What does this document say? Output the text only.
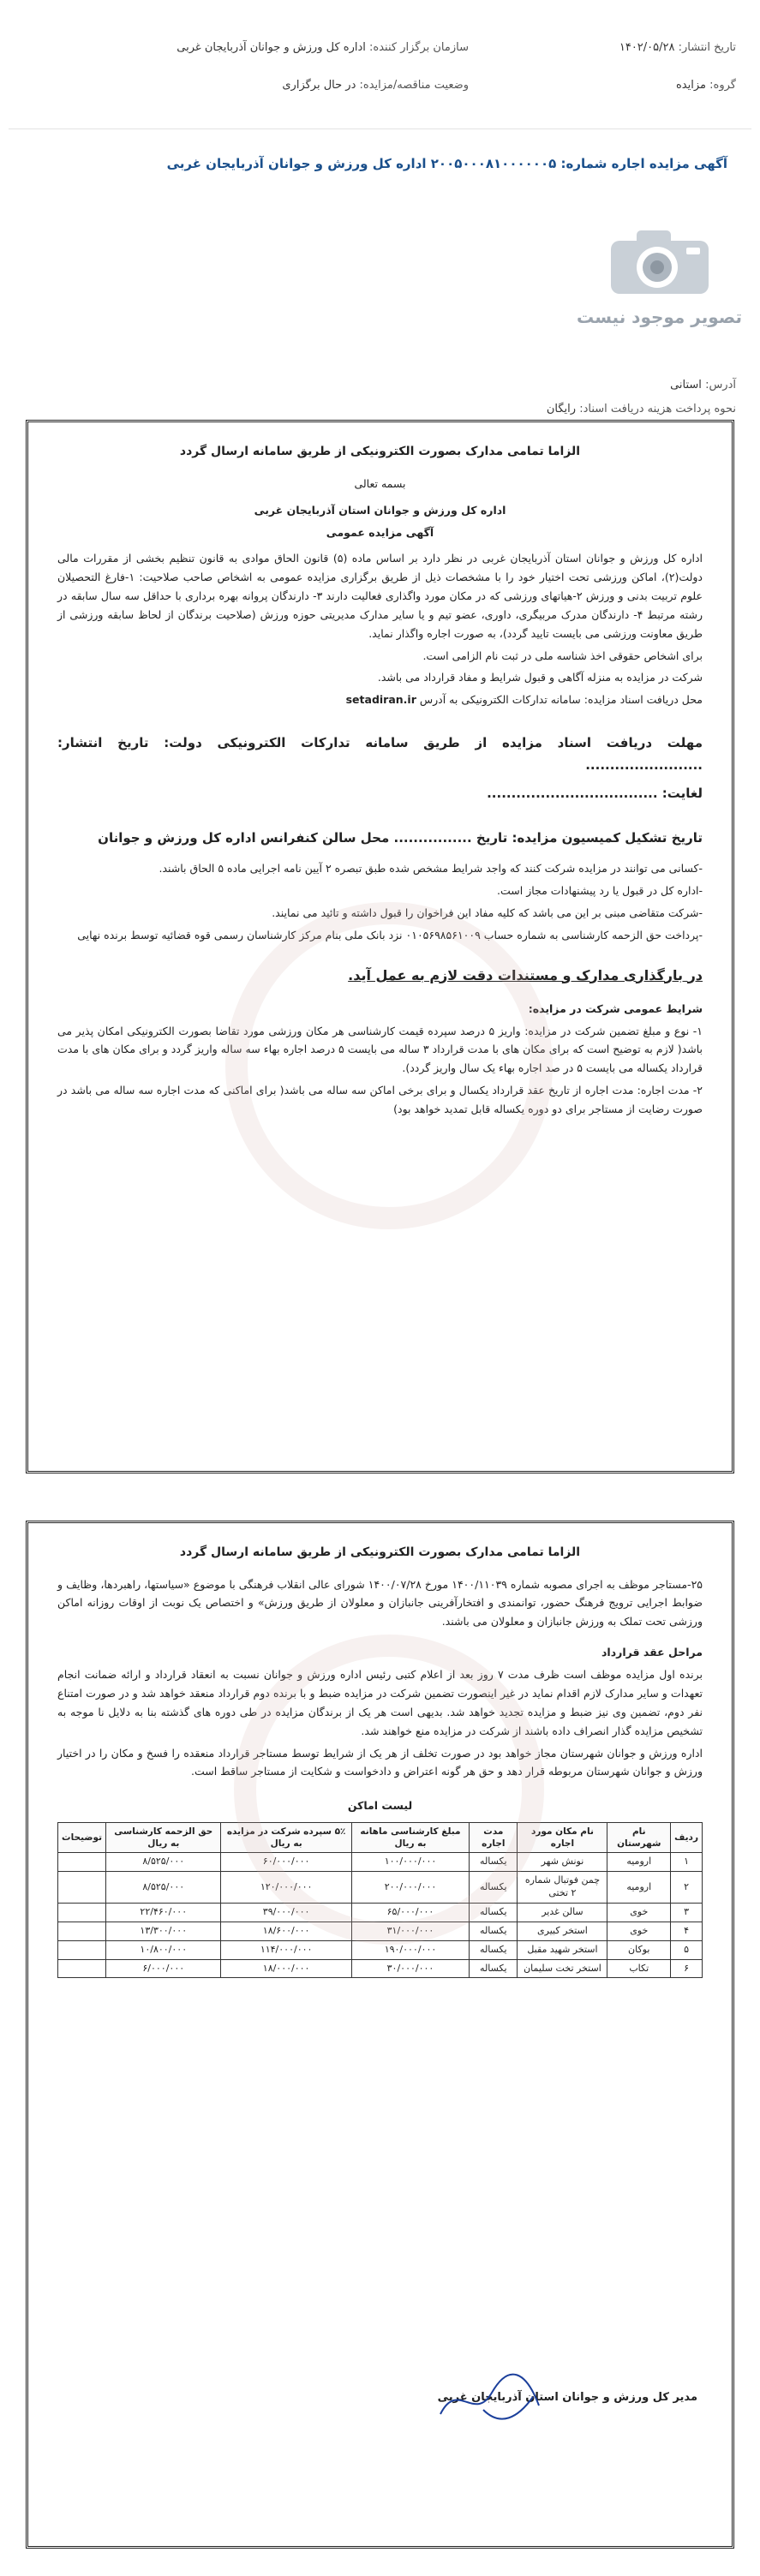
تاریخ انتشار: ۱۴۰۲/۰۵/۲۸
سازمان برگزار کننده: اداره کل ورزش و جوانان آذربایجان غربی
گروه: مزایده
وضعیت مناقصه/مزایده: در حال برگزاری
آگهی مزایده اجاره شماره: ۲۰۰۵۰۰۰۸۱۰۰۰۰۰۰۵ اداره کل ورزش و جوانان آذربایجان غربی
تصویر موجود نیست
آدرس: استانی
نحوه پرداخت هزینه دریافت اسناد: رایگان
الزاما تمامی مدارک بصورت الکترونیکی از طریق سامانه ارسال گردد

بسمه تعالی

اداره کل ورزش و جوانان استان آذربایجان غربی

آگهی مزایده عمومی

اداره کل ورزش و جوانان استان آذربایجان غربی در نظر دارد بر اساس ماده (۵) قانون الحاق موادی به قانون تنظیم بخشی از مقررات مالی دولت(۲)، اماکن ورزشی تحت اختیار خود را با مشخصات ذیل از طریق برگزاری مزایده عمومی به اشخاص صاحب صلاحیت: ۱-فارغ التحصیلان علوم تربیت بدنی و ورزش ۲-هیاتهای ورزشی که در مکان مورد واگذاری فعالیت دارند ۳- دارندگان پروانه بهره برداری با حداقل سه سال سابقه در رشته مرتبط ۴- دارندگان مدرک مربیگری، داوری، عضو تیم و یا سایر مدارک مدیریتی حوزه ورزش (صلاحیت برندگان از لحاظ سابقه ورزشی از طریق معاونت ورزشی می بایست تایید گردد)، به صورت اجاره واگذار نماید.

برای اشخاص حقوقی اخذ شناسه ملی در ثبت نام الزامی است.

شرکت در مزایده به منزله آگاهی و قبول شرایط و مفاد قرارداد می باشد.

محل دریافت اسناد مزایده: سامانه تدارکات الکترونیکی به آدرس setadiran.ir

مهلت دریافت اسناد مزایده از طریق سامانه تدارکات الکترونیکی دولت: تاریخ انتشار: ........................
لغایت: ...................................
تاریخ تشکیل کمیسیون مزایده: تاریخ ................ محل سالن کنفرانس اداره کل ورزش و جوانان

-کسانی می توانند در مزایده شرکت کنند که واجد شرایط مشخص شده طبق تبصره ۲ آیین نامه اجرایی ماده ۵ الحاق باشند.

-اداره کل در قبول یا رد پیشنهادات مجاز است.

-شرکت متقاضی مبنی بر این می باشد که کلیه مفاد این فراخوان را قبول داشته و تائید می نمایند.

-پرداخت حق الزحمه کارشناسی به شماره حساب ۰۱۰۵۶۹۸۵۶۱۰۰۹ نزد بانک ملی بنام مرکز کارشناسان رسمی قوه قضائیه توسط برنده نهایی

در بارگذاری مدارک و مستندات دقت لازم به عمل آید.

شرایط عمومی شرکت در مزایده:

۱- نوع و مبلغ تضمین شرکت در مزایده: واریز ۵ درصد سپرده قیمت کارشناسی هر مکان ورزشی مورد تقاضا بصورت الکترونیکی امکان پذیر می باشد( لازم به توضیح است که برای مکان های با مدت قرارداد ۳ ساله می بایست ۵ درصد اجاره بهاء سه ساله واریز گردد و برای مکان های با مدت قرارداد یکساله می بایست ۵ در صد اجاره بهاء یک سال واریز گردد).

۲- مدت اجاره: مدت اجاره از تاریخ عقد قرارداد یکسال و برای برخی اماکن سه ساله می باشد( برای اماکنی که مدت اجاره سه ساله می باشد در صورت رضایت از مستاجر برای دو دوره یکساله قابل تمدید خواهد بود)

الزاما تمامی مدارک بصورت الکترونیکی از طریق سامانه ارسال گردد

۲۵-مستاجر موظف به اجرای مصوبه شماره ۱۴۰۰/۱۱۰۳۹ مورخ ۱۴۰۰/۰۷/۲۸ شورای عالی انقلاب فرهنگی با موضوع «سیاستها، راهبردها، وظایف و ضوابط اجرایی ترویج فرهنگ حضور، توانمندی و افتخارآفرینی جانبازان و معلولان از طریق ورزش» و اختصاص یک نوبت از اوقات روزانه اماکن ورزشی تحت تملک به ورزش جانبازان و معلولان می باشند.

مراحل عقد قرارداد

برنده اول مزایده موظف است ظرف مدت ۷ روز بعد از اعلام کتبی رئیس اداره ورزش و جوانان نسبت به انعقاد قرارداد و ارائه ضمانت انجام تعهدات و سایر مدارک لازم اقدام نماید در غیر اینصورت تضمین شرکت در مزایده ضبط و با برنده دوم قرارداد منعقد خواهد شد و در صورت امتناع نفر دوم، تضمین وی نیز ضبط و مزایده تجدید خواهد شد. بدیهی است هر یک از برندگان مزایده در طی دوره های گذشته بنا به دلایل نا موجه به تشخیص مزایده گذار انصراف داده باشند از شرکت در مزایده منع خواهند شد.

اداره ورزش و جوانان شهرستان مجاز خواهد بود در صورت تخلف از هر یک از شرایط توسط مستاجر قرارداد منعقده را فسخ و مکان را در اختیار ورزش و جوانان شهرستان مربوطه قرار دهد و حق هر گونه اعتراض و دادخواست و شکایت از مستاجر ساقط است.

لیست اماکن

ردیف	نام شهرستان	نام مکان مورد اجاره	مدت اجاره	مبلغ کارشناسی ماهانه به ریال	۵٪ سپرده شرکت در مزایده به ریال	حق الزحمه کارشناسی به ریال	توضیحات
۱	ارومیه	نونش شهر	یکساله	۱۰۰/۰۰۰/۰۰۰	۶۰/۰۰۰/۰۰۰	۸/۵۲۵/۰۰۰	
۲	ارومیه	چمن فوتبال شماره ۲ تختی	یکساله	۲۰۰/۰۰۰/۰۰۰	۱۲۰/۰۰۰/۰۰۰	۸/۵۲۵/۰۰۰	
۳	خوی	سالن غدیر	یکساله	۶۵/۰۰۰/۰۰۰	۳۹/۰۰۰/۰۰۰	۲۲/۴۶۰/۰۰۰	
۴	خوی	استخر کبیری	یکساله	۳۱/۰۰۰/۰۰۰	۱۸/۶۰۰/۰۰۰	۱۳/۳۰۰/۰۰۰	
۵	بوکان	استخر شهید مقبل	یکساله	۱۹۰/۰۰۰/۰۰۰	۱۱۴/۰۰۰/۰۰۰	۱۰/۸۰۰/۰۰۰	
۶	تکاب	استخر تخت سلیمان	یکساله	۳۰/۰۰۰/۰۰۰	۱۸/۰۰۰/۰۰۰	۶/۰۰۰/۰۰۰	
مدیر کل ورزش و جوانان استان آذربایجان غربی
